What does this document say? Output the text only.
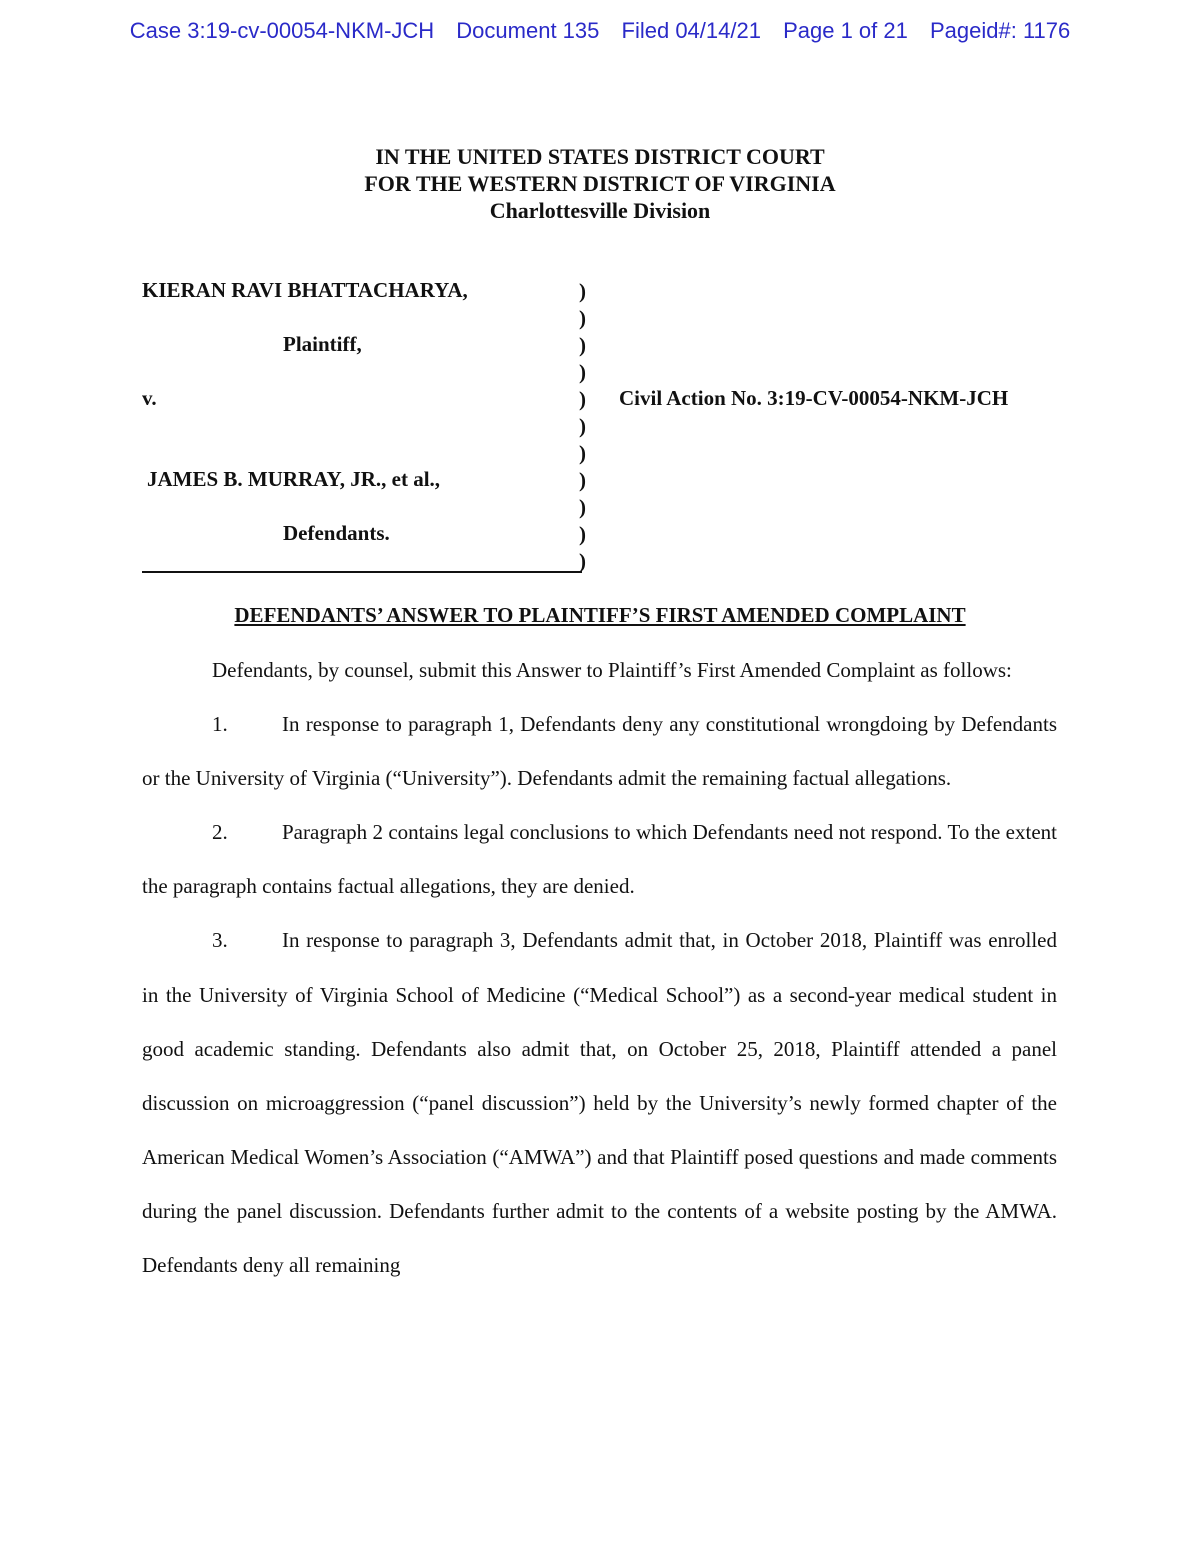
Case 3:19-cv-00054-NKM-JCH Document 135 Filed 04/14/21 Page 1 of 21 Pageid#: 1176
IN THE UNITED STATES DISTRICT COURT
FOR THE WESTERN DISTRICT OF VIRGINIA
Charlottesville Division
KIERAN RAVI BHATTACHARYA,
Plaintiff,
v.
JAMES B. MURRAY, JR., et al.,
Defendants.
)
)
)
)
)
)
)
)
)
)
)
Civil Action No. 3:19-CV-00054-NKM-JCH
DEFENDANTS’ ANSWER TO PLAINTIFF’S FIRST AMENDED COMPLAINT

Defendants, by counsel, submit this Answer to Plaintiff’s First Amended Complaint as follows:

1.	In response to paragraph 1, Defendants deny any constitutional wrongdoing by Defendants or the University of Virginia (“University”). Defendants admit the remaining factual allegations.

2.	Paragraph 2 contains legal conclusions to which Defendants need not respond. To the extent the paragraph contains factual allegations, they are denied.

3.	In response to paragraph 3, Defendants admit that, in October 2018, Plaintiff was enrolled in the University of Virginia School of Medicine (“Medical School”) as a second-year medical student in good academic standing. Defendants also admit that, on October 25, 2018, Plaintiff attended a panel discussion on microaggression (“panel discussion”) held by the University’s newly formed chapter of the American Medical Women’s Association (“AMWA”) and that Plaintiff posed questions and made comments during the panel discussion. Defendants further admit to the contents of a website posting by the AMWA. Defendants deny all remaining
